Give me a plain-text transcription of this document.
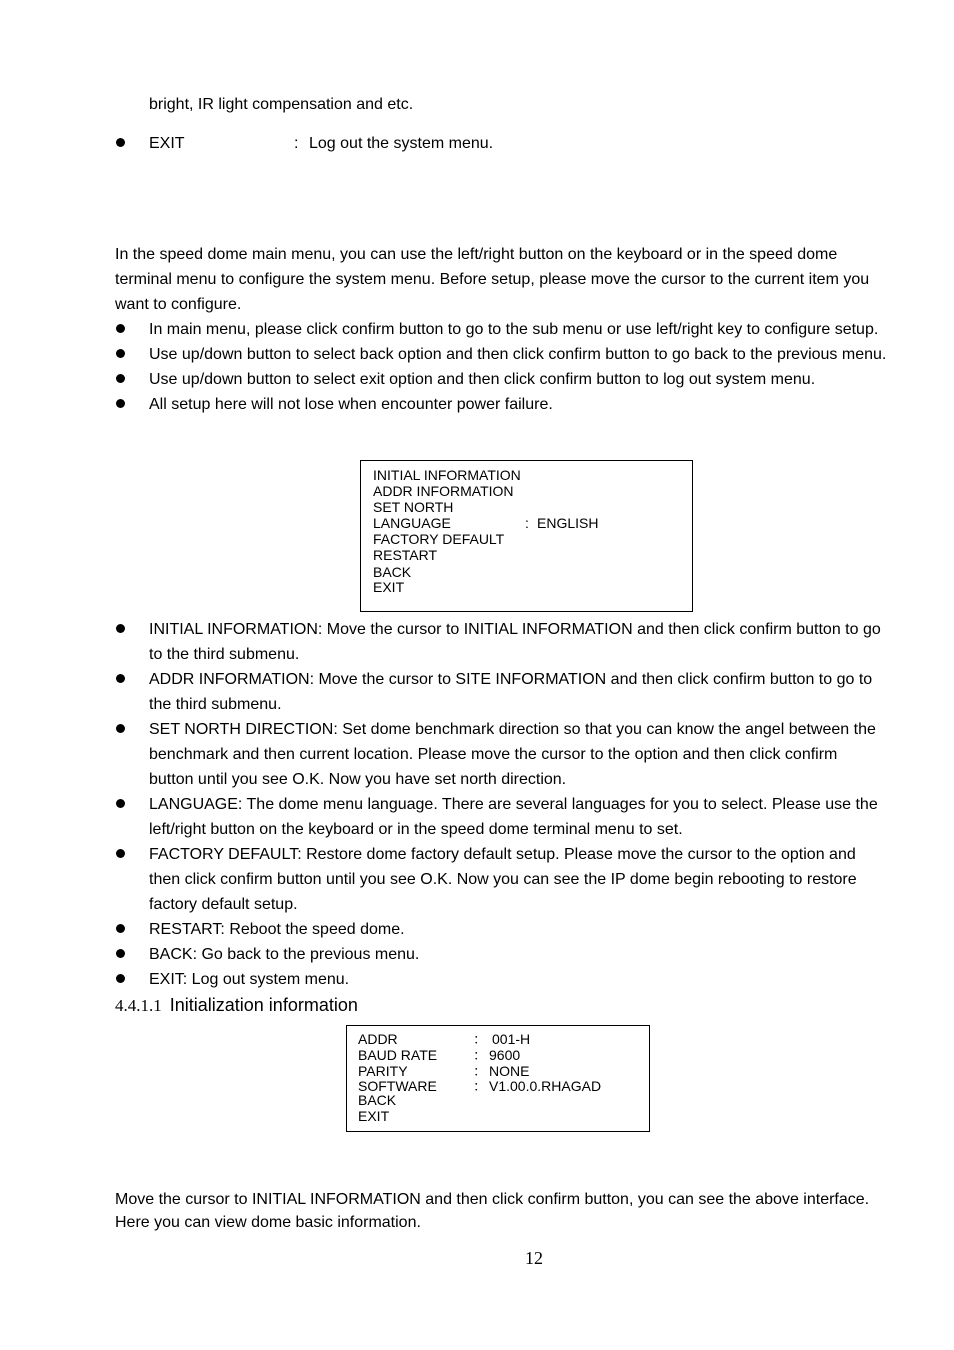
bright, IR light compensation and etc.
EXIT	: Log out the system menu.
In the speed dome main menu, you can use the left/right button on the keyboard or in the speed dome
terminal menu to configure the system menu. Before setup, please move the cursor to the current item you
want to configure.
In main menu, please click confirm button to go to the sub menu or use left/right key to configure setup.
Use up/down button to select back option and then click confirm button to go back to the previous menu.
Use up/down button to select exit option and then click confirm button to log out system menu.
All setup here will not lose when encounter power failure.
INITIAL INFORMATION
ADDR INFORMATION
SET NORTH
LANGUAGE	: ENGLISH
FACTORY DEFAULT
RESTART
BACK
EXIT
INITIAL INFORMATION: Move the cursor to INITIAL INFORMATION and then click confirm button to go
to the third submenu.
ADDR INFORMATION: Move the cursor to SITE INFORMATION and then click confirm button to go to
the third submenu.
SET NORTH DIRECTION: Set dome benchmark direction so that you can know the angel between the
benchmark and then current location. Please move the cursor to the option and then click confirm
button until you see O.K. Now you have set north direction.
LANGUAGE: The dome menu language. There are several languages for you to select. Please use the
left/right button on the keyboard or in the speed dome terminal menu to set.
FACTORY DEFAULT: Restore dome factory default setup. Please move the cursor to the option and
then click confirm button until you see O.K. Now you can see the IP dome begin rebooting to restore
factory default setup.
RESTART: Reboot the speed dome.
BACK: Go back to the previous menu.
EXIT: Log out system menu.
4.4.1.1 Initialization information
ADDR	： 001-H
BAUD RATE	： 9600
PARITY	： NONE
SOFTWARE	： V1.00.0.RHAGAD
BACK
EXIT
Move the cursor to INITIAL INFORMATION and then click confirm button, you can see the above interface.
Here you can view dome basic information.
12
